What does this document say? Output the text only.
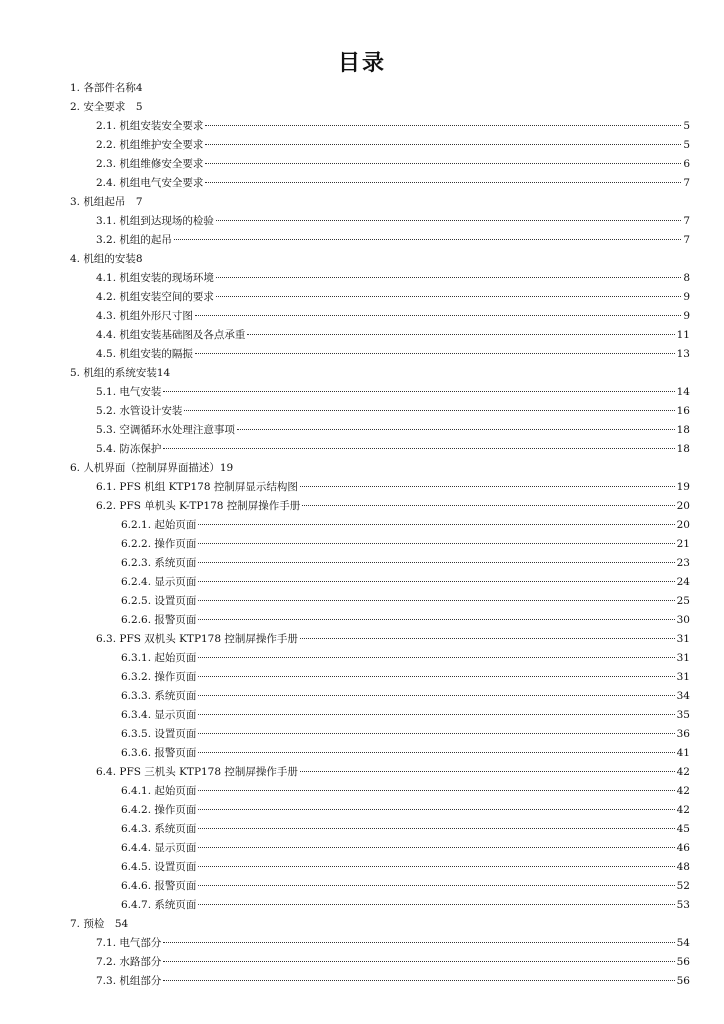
目录
1. 各部件名称4
2. 安全要求　5
2.1. 机组安装安全要求	5
2.2. 机组维护安全要求	5
2.3. 机组维修安全要求	6
2.4. 机组电气安全要求	7
3. 机组起吊　7
3.1. 机组到达现场的检验	7
3.2. 机组的起吊	7
4. 机组的安装8
4.1. 机组安装的现场环境	8
4.2. 机组安装空间的要求	9
4.3. 机组外形尺寸图	9
4.4. 机组安装基础图及各点承重	11
4.5. 机组安装的隔振	13
5. 机组的系统安装14
5.1. 电气安装	14
5.2. 水管设计安装	16
5.3. 空调循环水处理注意事项	18
5.4. 防冻保护	18
6. 人机界面（控制屏界面描述）19
6.1. PFS 机组 KTP178 控制屏显示结构图	19
6.2. PFS 单机头 K-TP178 控制屏操作手册	20
6.2.1. 起始页面	20
6.2.2. 操作页面	21
6.2.3. 系统页面	23
6.2.4. 显示页面	24
6.2.5. 设置页面	25
6.2.6. 报警页面	30
6.3. PFS 双机头 KTP178 控制屏操作手册	31
6.3.1. 起始页面	31
6.3.2. 操作页面	31
6.3.3. 系统页面	34
6.3.4. 显示页面	35
6.3.5. 设置页面	36
6.3.6. 报警页面	41
6.4. PFS 三机头 KTP178 控制屏操作手册	42
6.4.1. 起始页面	42
6.4.2. 操作页面	42
6.4.3. 系统页面	45
6.4.4. 显示页面	46
6.4.5. 设置页面	48
6.4.6. 报警页面	52
6.4.7. 系统页面	53
7. 预检　54
7.1. 电气部分	54
7.2. 水路部分	56
7.3. 机组部分	56
